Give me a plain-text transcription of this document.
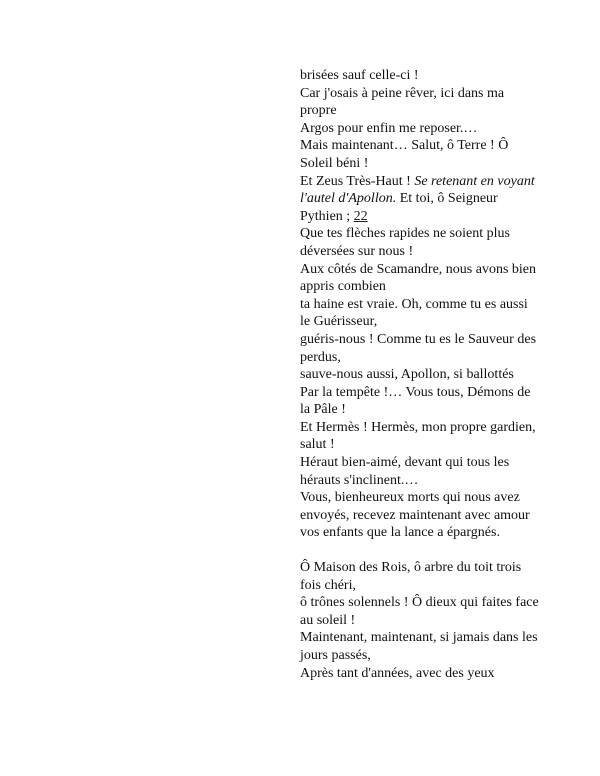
brisées sauf celle-ci !

Car j'osais à peine rêver, ici dans ma propre

Argos pour enfin me reposer.…

Mais maintenant… Salut, ô Terre ! Ô Soleil béni !

Et Zeus Très-Haut ! Se retenant en voyant l'autel d'Apollon. Et toi, ô Seigneur Pythien ; 22

Que tes flèches rapides ne soient plus déversées sur nous !

Aux côtés de Scamandre, nous avons bien appris combien

ta haine est vraie. Oh, comme tu es aussi le Guérisseur,

guéris-nous ! Comme tu es le Sauveur des perdus,

sauve-nous aussi, Apollon, si ballottés

Par la tempête !… Vous tous, Démons de la Pâle !

Et Hermès ! Hermès, mon propre gardien, salut !

Héraut bien-aimé, devant qui tous les hérauts s'inclinent.…

Vous, bienheureux morts qui nous avez envoyés, recevez maintenant avec amour vos enfants que la lance a épargnés.

Ô Maison des Rois, ô arbre du toit trois fois chéri,

ô trônes solennels ! Ô dieux qui faites face au soleil !

Maintenant, maintenant, si jamais dans les jours passés,

Après tant d'années, avec des yeux
